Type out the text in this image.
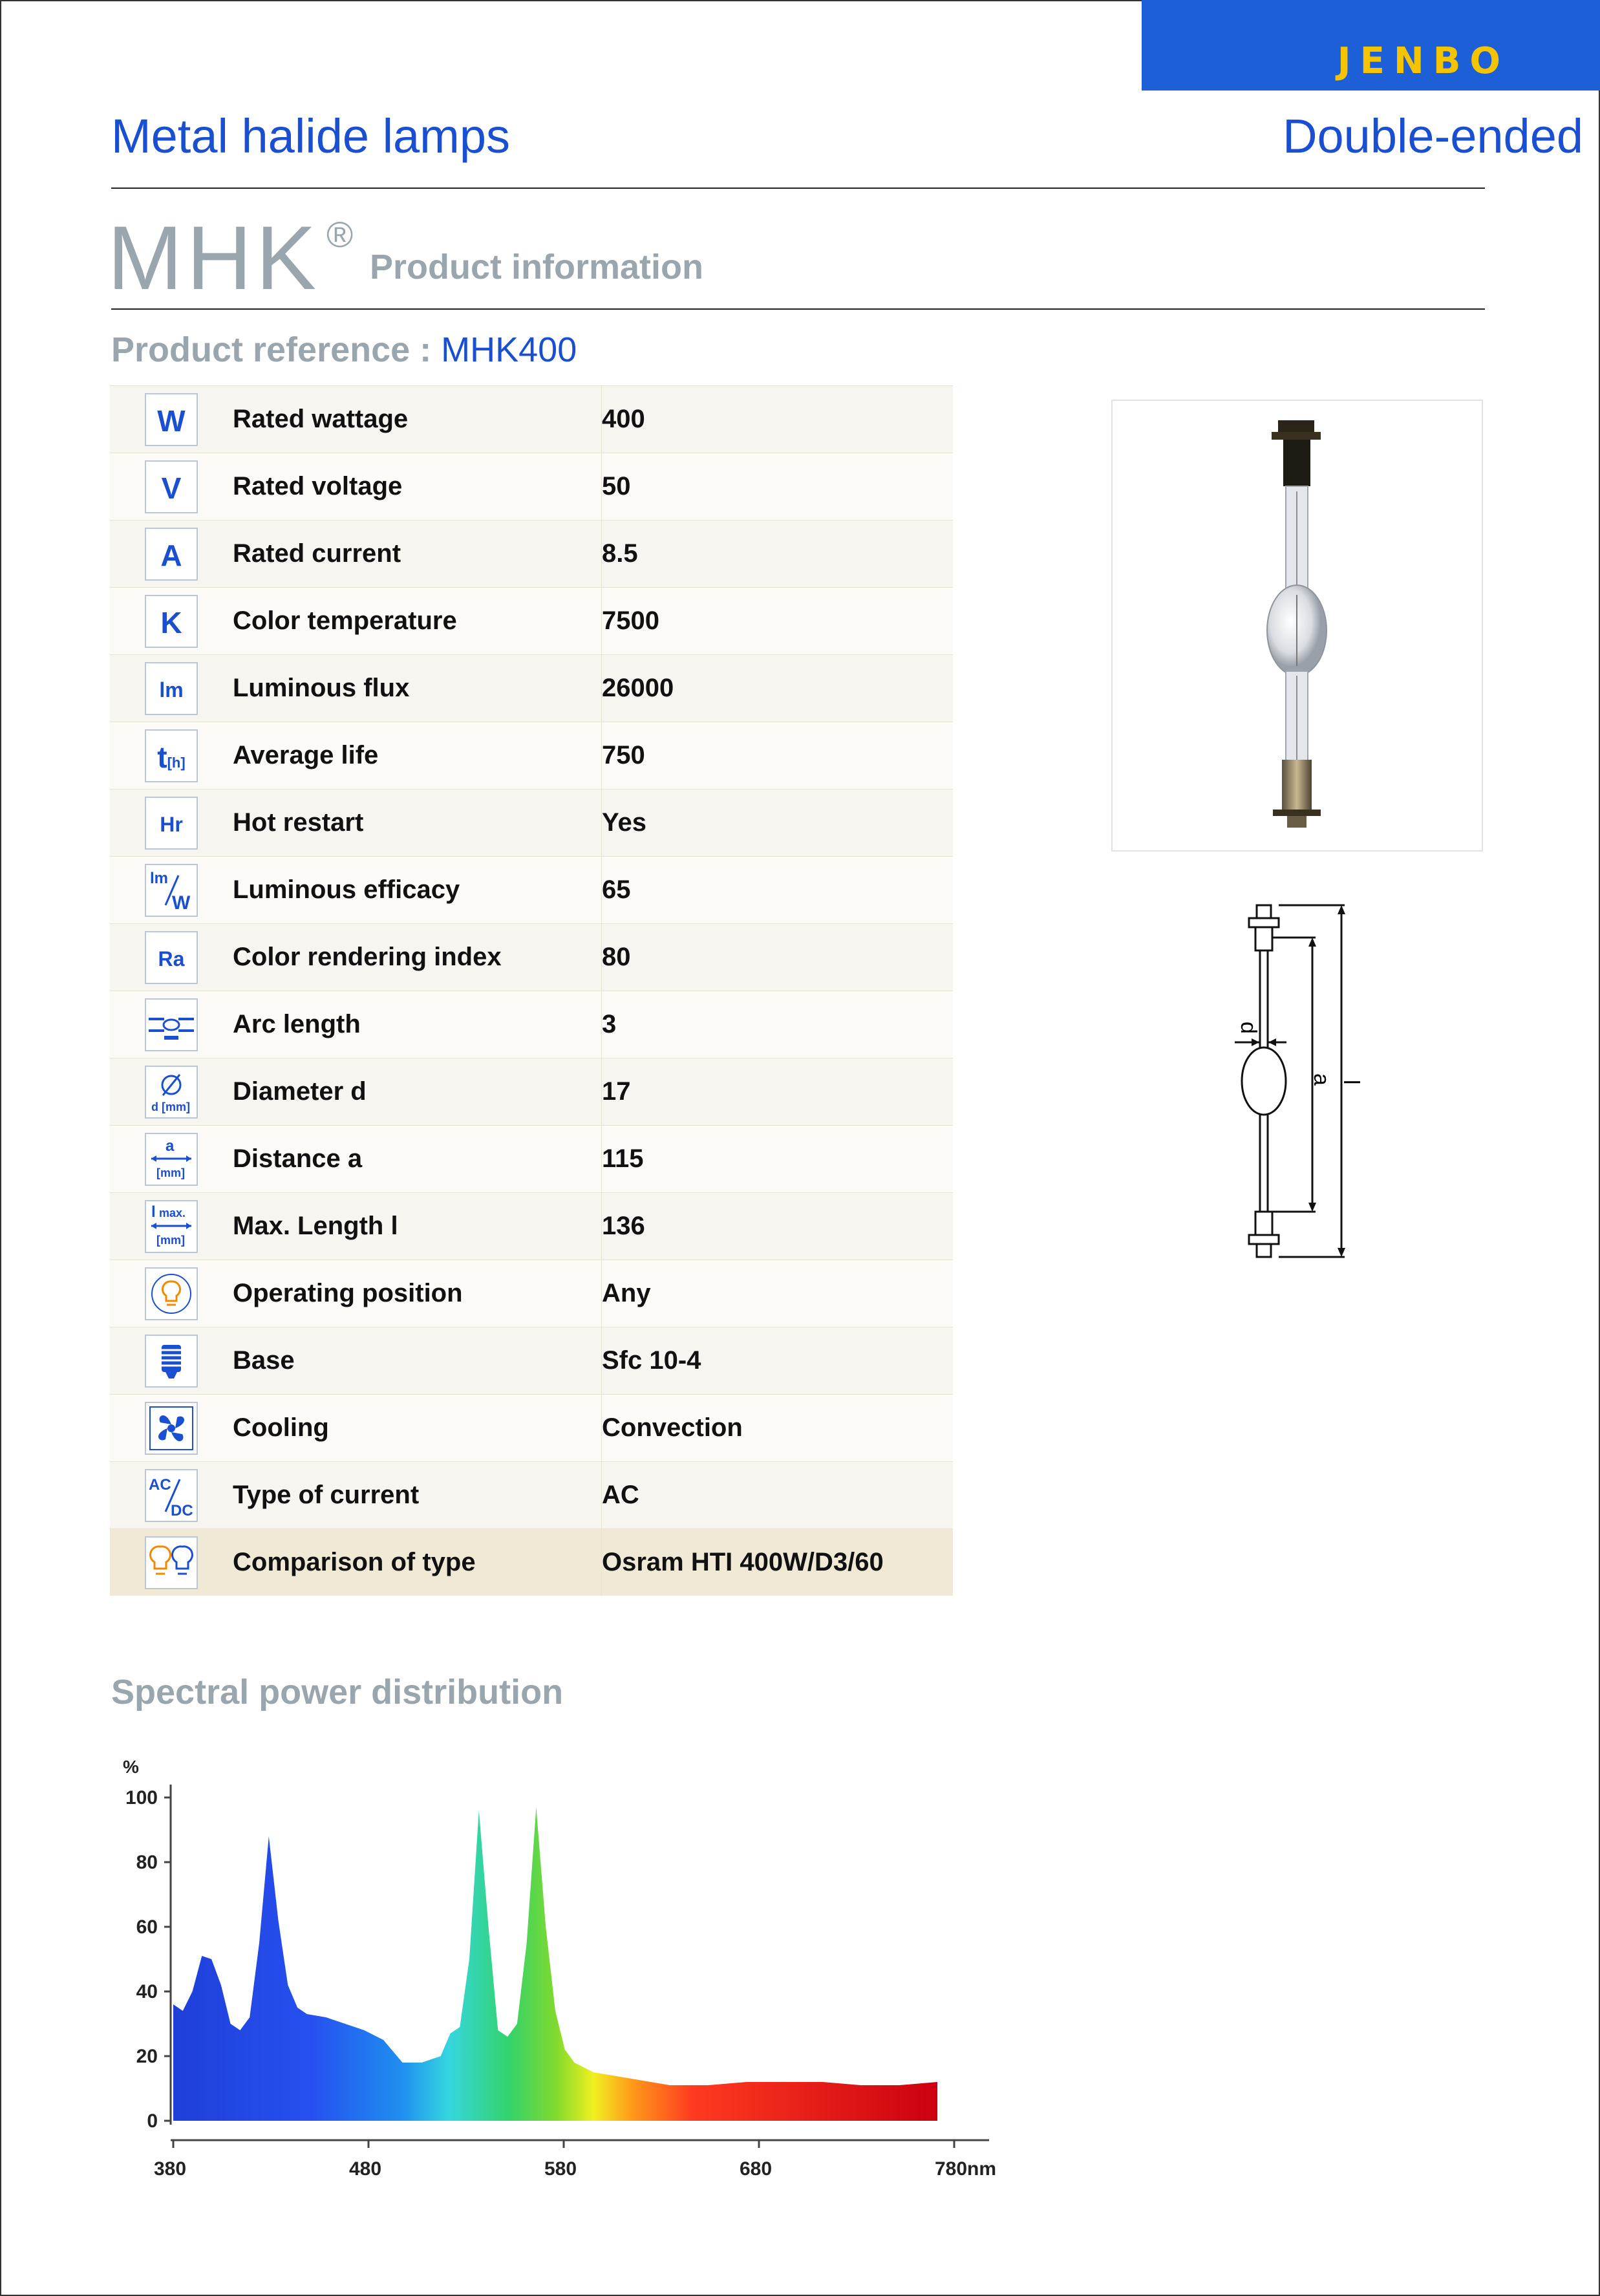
JENBO
Metal halide lamps	Double-ended
MHK ®
Product information
Product reference : MHK400
W	Rated wattage	400
V	Rated voltage	50
A	Rated current	8.5
K	Color temperature	7500
lm	Luminous flux	26000
t[h]	Average life	750
Hr	Hot restart	Yes

lm
W	Luminous efficacy	65
Ra	Color rendering index	80

	Arc length	3

d [mm]	Diameter d	17

a
[mm]	Distance a	115

l max.
[mm]	Max. Length l	136

	Operating position	Any

	Base	Sfc 10-4

	Cooling	Convection

AC
DC	Type of current	AC

	Comparison of type	Osram HTI 400W/D3/60
d
a l
Spectral power distribution
%
0
20
40
60
80
100
380	480	580	680	780nm
